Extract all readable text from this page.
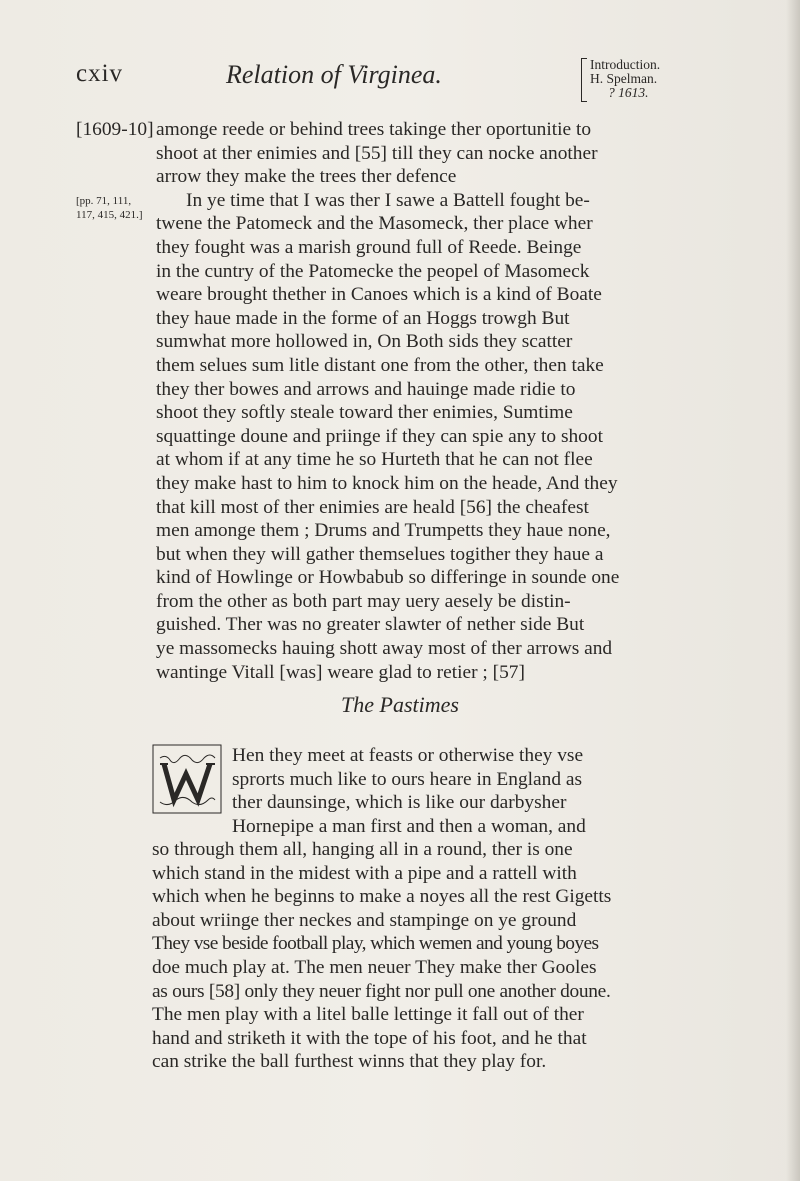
cxiv	Relation of Virginea.	Introduction.
H. Spelman.
? 1613.
[1609-10] amonge reede or behind trees takinge ther oportunitie to
shoot at ther enimies and [55] till they can nocke another
arrow they make the trees ther defence
In ye time that I was ther I sawe a Battell fought be-
twene the Patomeck and the Masomeck, ther place wher
they fought was a marish ground full of Reede. Beinge
in the cuntry of the Patomecke the peopel of Masomeck
weare brought thether in Canoes which is a kind of Boate
they haue made in the forme of an Hoggs trowgh But
sumwhat more hollowed in, On Both sids they scatter
them selues sum litle distant one from the other, then take
they ther bowes and arrows and hauinge made ridie to
shoot they softly steale toward ther enimies, Sumtime
squattinge doune and priinge if they can spie any to shoot
at whom if at any time he so Hurteth that he can not flee
they make hast to him to knock him on the heade, And they
that kill most of ther enimies are heald [56] the cheafest
men amonge them ; Drums and Trumpetts they haue none,
but when they will gather themselues togither they haue a
kind of Howlinge or Howbabub so differinge in sounde one
from the other as both part may uery aesely be distin-
guished. Ther was no greater slawter of nether side But
ye massomecks hauing shott away most of ther arrows and
wantinge Vitall [was] weare glad to retier ; [57]
[pp. 71, 111,
117, 415, 421.]
The Pastimes
Hen they meet at feasts or otherwise they vse
sprorts much like to ours heare in England as
ther daunsinge, which is like our darbysher
Hornepipe a man first and then a woman, and
so through them all, hanging all in a round, ther is one
which stand in the midest with a pipe and a rattell with
which when he beginns to make a noyes all the rest Gigetts
about wriinge ther neckes and stampinge on ye ground
They vse beside football play, which wemen and young boyes
doe much play at. The men neuer They make ther Gooles
as ours [58] only they neuer fight nor pull one another doune.
The men play with a litel balle lettinge it fall out of ther
hand and striketh it with the tope of his foot, and he that
can strike the ball furthest winns that they play for.
